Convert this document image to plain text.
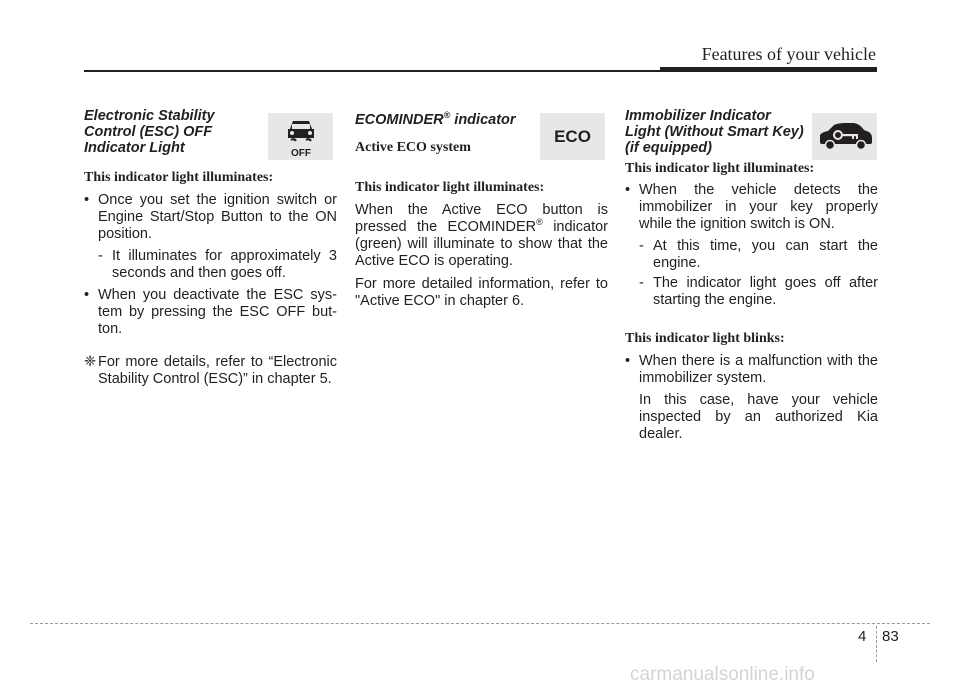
Features of your vehicle

Electronic Stability
Control (ESC) OFF
Indicator Light

This indicator light illuminates:

• Once you set the ignition switch or Engine Start/Stop Button to the ON position.
- It illuminates for approximately 3 seconds and then goes off.
• When you deactivate the ESC sys-tem by pressing the ESC OFF but-ton.
❈ For more details, refer to “Electronic Stability Control (ESC)” in chapter 5.
OFF

ECOMINDER® indicator

Active ECO system

This indicator light illuminates:

When the Active ECO button is pressed the ECOMINDER® indicator (green) will illuminate to show that the Active ECO is operating.

For more detailed information, refer to "Active ECO" in chapter 6.

ECO

Immobilizer Indicator
Light (Without Smart Key)
(if equipped)

This indicator light illuminates:

• When the vehicle detects the immobilizer in your key properly while the ignition switch is ON.
- At this time, you can start the engine.
- The indicator light goes off after starting the engine.

This indicator light blinks:

• When there is a malfunction with the immobilizer system.
In this case, have your vehicle inspected by an authorized Kia dealer.
4 83
carmanualsonline.info
